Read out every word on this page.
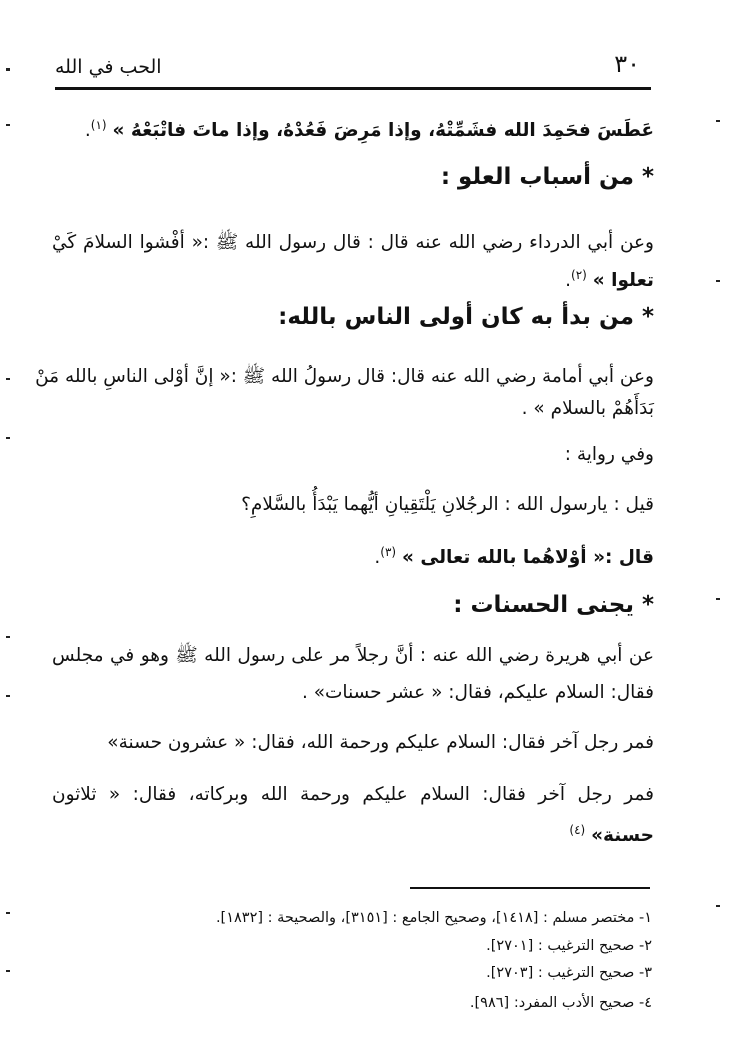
٣٠
الحب في الله
عَطَسَ فحَمِدَ الله فشَمِّتْهُ، وإذا مَرِضَ فَعُدْهُ، وإذا ماتَ فاتْبَعْهُ » $^{(١)}$.
* من أسباب العلو :
وعن أبي الدرداء رضي الله عنه قال : قال رسول الله ﷺ :« أفْشوا السلامَ كَيْ
تعلوا » $^{(٢)}$.
* من بدأ به كان أولى الناس بالله:
وعن أبي أمامة رضي الله عنه قال: قال رسولُ الله ﷺ :« إنَّ أوْلى الناسِ بالله مَنْ
بَدَأَهُمْ بالسلام » .
وفي رواية :
قيل : يارسول الله : الرجُلانِ يَلْتَقِيانِ أيُّهما يَبْدَأُ بالسَّلامِ؟
قال :« أوْلاهُما بالله تعالى » $^{(٣)}$.
* يجنى الحسنات :
عن أبي هريرة رضي الله عنه : أنَّ رجلاً مر على رسول الله ﷺ وهو في مجلس
فقال: السلام عليكم، فقال: « عشر حسنات» .
فمر رجل آخر فقال: السلام عليكم ورحمة الله، فقال: « عشرون حسنة»
فمر رجل آخر فقال: السلام عليكم ورحمة الله وبركاته، فقال: « ثلاثون
حسنة» $^{(٤)}$
١- مختصر مسلم : [١٤١٨]، وصحيح الجامع : [٣١٥١]، والصحيحة : [١٨٣٢].
٢- صحيح الترغيب : [٢٧٠١].
٣- صحيح الترغيب : [٢٧٠٣].
٤- صحيح الأدب المفرد: [٩٨٦].
